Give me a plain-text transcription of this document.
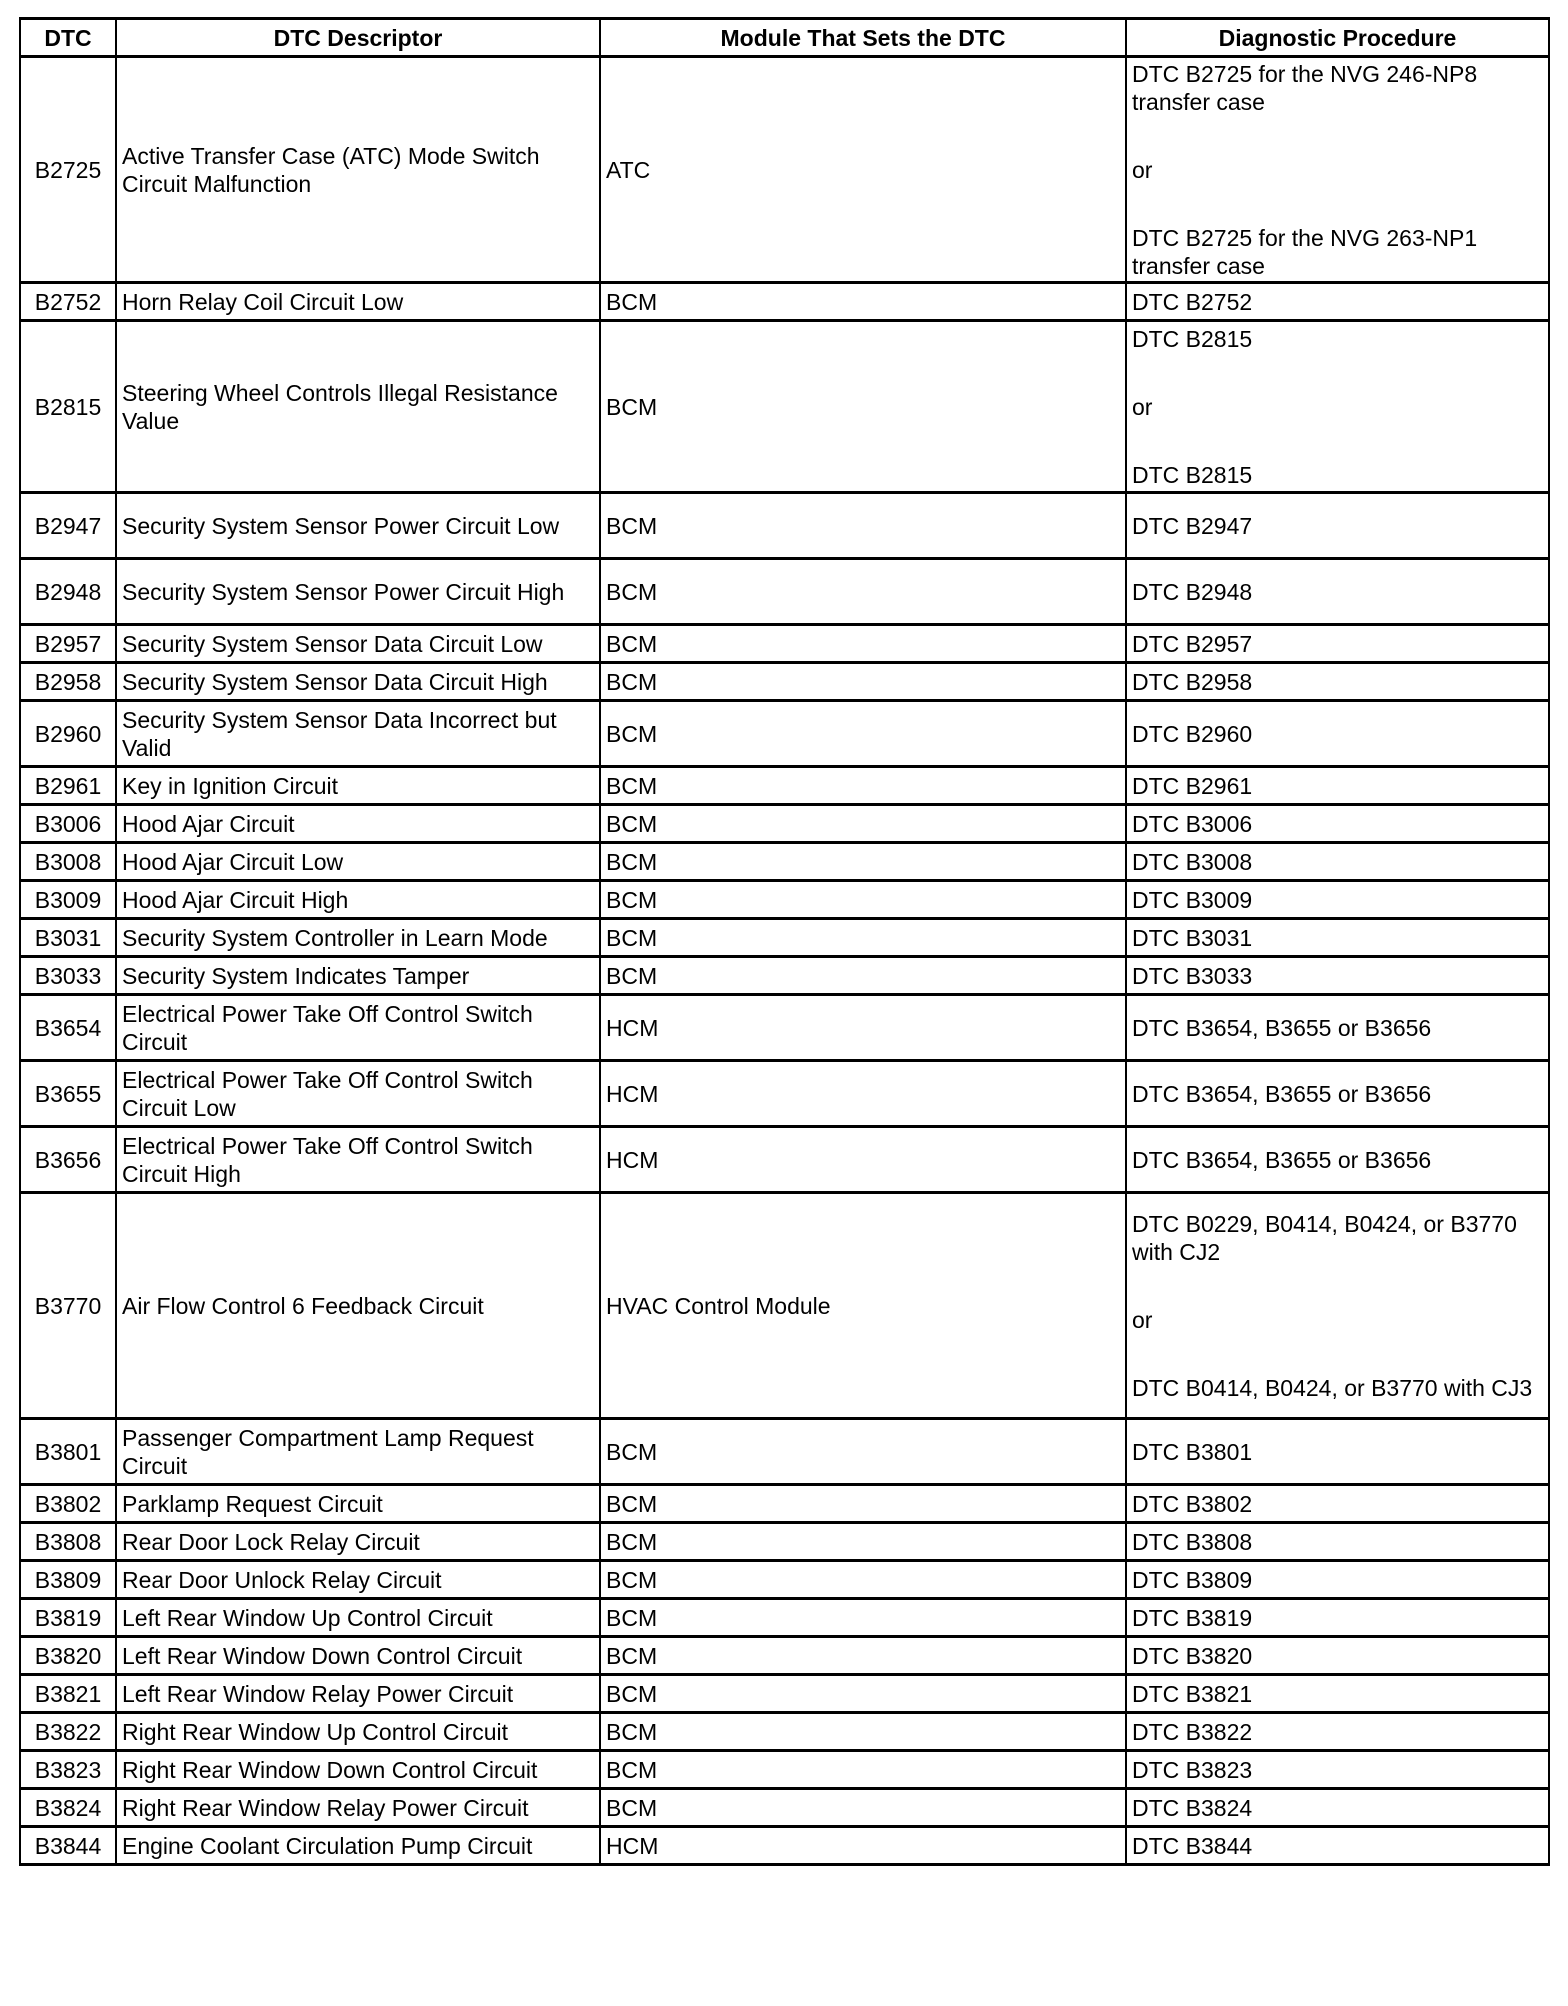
DTC	DTC Descriptor	Module That Sets the DTC	Diagnostic Procedure
B2725	Active Transfer Case (ATC) Mode Switch Circuit Malfunction	ATC	DTC B2725 for the NVG 246-NP8 transfer case
or
DTC B2725 for the NVG 263-NP1 transfer case

B2752	Horn Relay Coil Circuit Low	BCM	DTC B2752

B2815	Steering Wheel Controls Illegal Resistance Value	BCM	DTC B2815
or
DTC B2815

B2947	Security System Sensor Power Circuit Low	BCM	DTC B2947

B2948	Security System Sensor Power Circuit High	BCM	DTC B2948

B2957	Security System Sensor Data Circuit Low	BCM	DTC B2957

B2958	Security System Sensor Data Circuit High	BCM	DTC B2958

B2960	Security System Sensor Data Incorrect but Valid	BCM	DTC B2960

B2961	Key in Ignition Circuit	BCM	DTC B2961

B3006	Hood Ajar Circuit	BCM	DTC B3006

B3008	Hood Ajar Circuit Low	BCM	DTC B3008

B3009	Hood Ajar Circuit High	BCM	DTC B3009

B3031	Security System Controller in Learn Mode	BCM	DTC B3031

B3033	Security System Indicates Tamper	BCM	DTC B3033

B3654	Electrical Power Take Off Control Switch Circuit	HCM	DTC B3654, B3655 or B3656

B3655	Electrical Power Take Off Control Switch Circuit Low	HCM	DTC B3654, B3655 or B3656

B3656	Electrical Power Take Off Control Switch Circuit High	HCM	DTC B3654, B3655 or B3656

B3770	Air Flow Control 6 Feedback Circuit	HVAC Control Module	DTC B0229, B0414, B0424, or B3770 with CJ2
or
DTC B0414, B0424, or B3770 with CJ3

B3801	Passenger Compartment Lamp Request Circuit	BCM	DTC B3801

B3802	Parklamp Request Circuit	BCM	DTC B3802

B3808	Rear Door Lock Relay Circuit	BCM	DTC B3808

B3809	Rear Door Unlock Relay Circuit	BCM	DTC B3809

B3819	Left Rear Window Up Control Circuit	BCM	DTC B3819

B3820	Left Rear Window Down Control Circuit	BCM	DTC B3820

B3821	Left Rear Window Relay Power Circuit	BCM	DTC B3821

B3822	Right Rear Window Up Control Circuit	BCM	DTC B3822

B3823	Right Rear Window Down Control Circuit	BCM	DTC B3823

B3824	Right Rear Window Relay Power Circuit	BCM	DTC B3824

B3844	Engine Coolant Circulation Pump Circuit	HCM	DTC B3844
